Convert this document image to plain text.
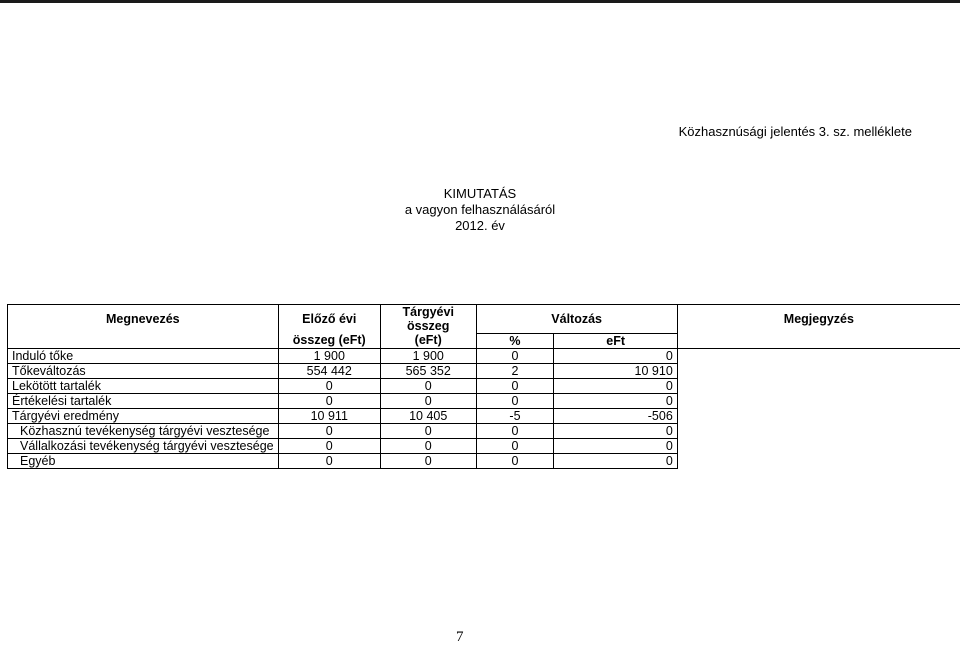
Közhasznúsági jelentés 3. sz. melléklete
KIMUTATÁS
a vagyon felhasználásáról
2012. év
Megnevezés	Előző évi	Tárgyévi összeg	Változás		Megjegyzés
	összeg (eFt)	(eFt)	%	eFt	
Induló tőke	1 900	1 900	0	0	
Tőkeváltozás	554 442	565 352	2	10 910	
Lekötött tartalék	0	0	0	0	
Értékelési tartalék	0	0	0	0	
Tárgyévi eredmény	10 911	10 405	-5	-506	
Közhasznú tevékenység tárgyévi vesztesége	0	0	0	0	
Vállalkozási tevékenység tárgyévi vesztesége	0	0	0	0	
Egyéb	0	0	0	0	
7
